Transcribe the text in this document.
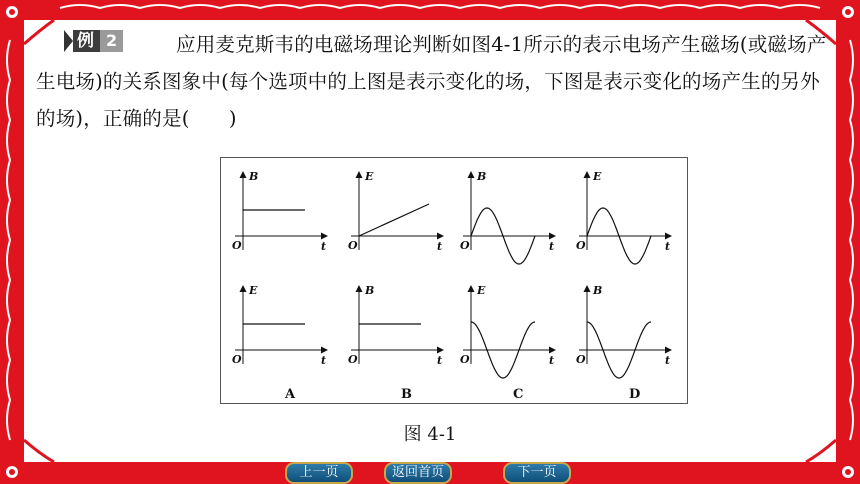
例 2	应用麦克斯韦的电磁场理论判断如图4-1所示的表示电场产生磁场(或磁场产生电场)的关系图象中(每个选项中的上图是表示变化的场，下图是表示变化的场产生的另外的场)，正确的是(　　)
B
O	t
E
O	t
A
E
O	t
B
O	t
B
B
O	t
E
O	t
C
E
O	t
B
O	t
D
图 4-1
上一页	返回首页	下一页
